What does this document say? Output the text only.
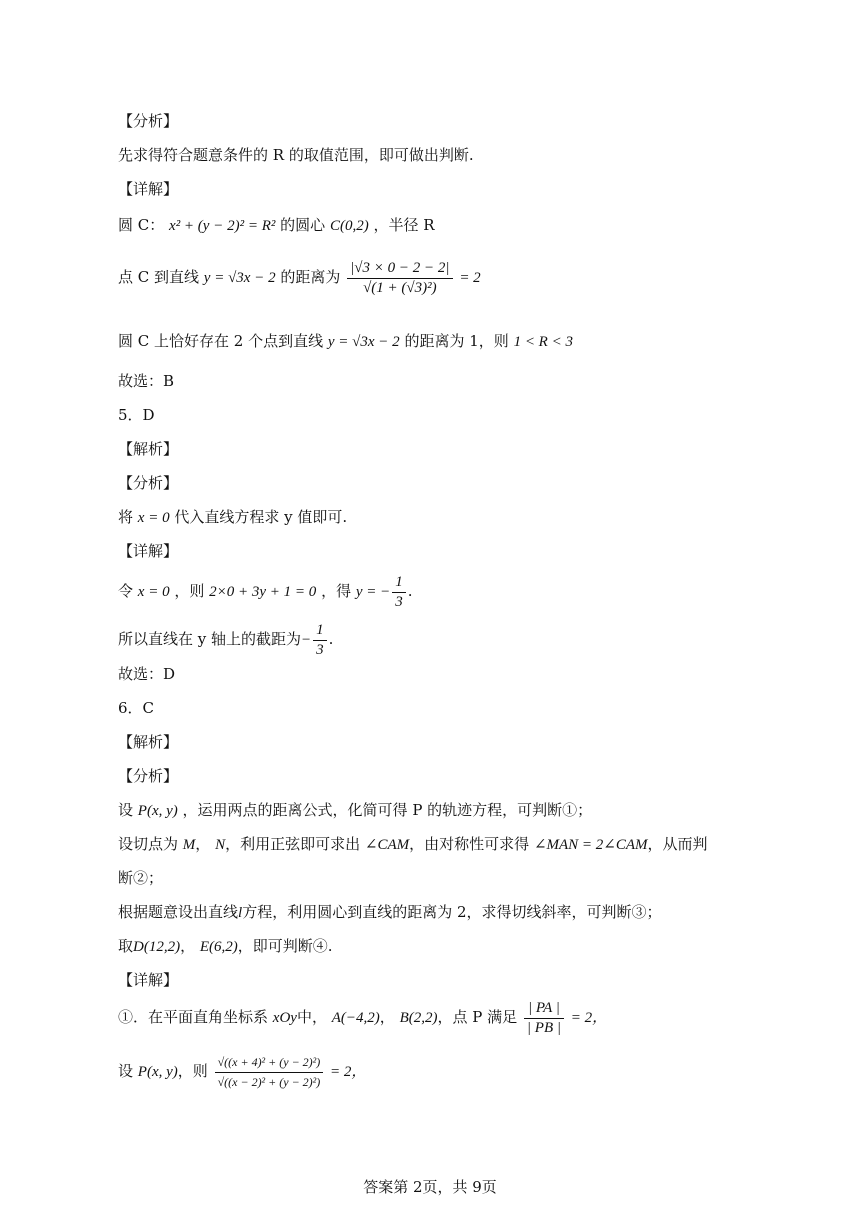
【分析】
先求得符合题意条件的 R 的取值范围，即可做出判断.
【详解】
圆 C： x² + (y − 2)² = R² 的圆心 C(0,2) ，半径 R
点 C 到直线 y = √3x − 2 的距离为 $\frac{|√3 \times 0 - 2 - 2|}{\text{√(1 + (√3)²)}} = 2$
圆 C 上恰好存在 2 个点到直线 y = √3x − 2 的距离为 1，则 1 < R < 3
故选：B
5．D
【解析】
【分析】
将 x = 0 代入直线方程求 y 值即可.
【详解】
令 x = 0 ，则 2×0 + 3y + 1 = 0 ，得 y = − $\frac{1}{3}$ .
所以直线在 y 轴上的截距为− $\frac{1}{3}$ .
故选：D
6．C
【解析】
【分析】
设 P(x, y) ，运用两点的距离公式，化简可得 P 的轨迹方程，可判断①；
设切点为 M， N，利用正弦即可求出 ∠CAM，由对称性可求得 ∠MAN = 2∠CAM，从而判
断②；
根据题意设出直线l方程，利用圆心到直线的距离为 2，求得切线斜率，可判断③；
取D(12,2)， E(6,2)，即可判断④.
【详解】
①．在平面直角坐标系 xOy中， A(−4,2)， B(2,2)，点 P 满足 $\frac{| PA |}{| PB |} = 2$，
设 P(x, y)，则 $\frac{\text{√((x + 4)² + (y − 2)²)}}{\text{√((x − 2)² + (y − 2)²)}} = 2$，
答案第 2页，共 9页
